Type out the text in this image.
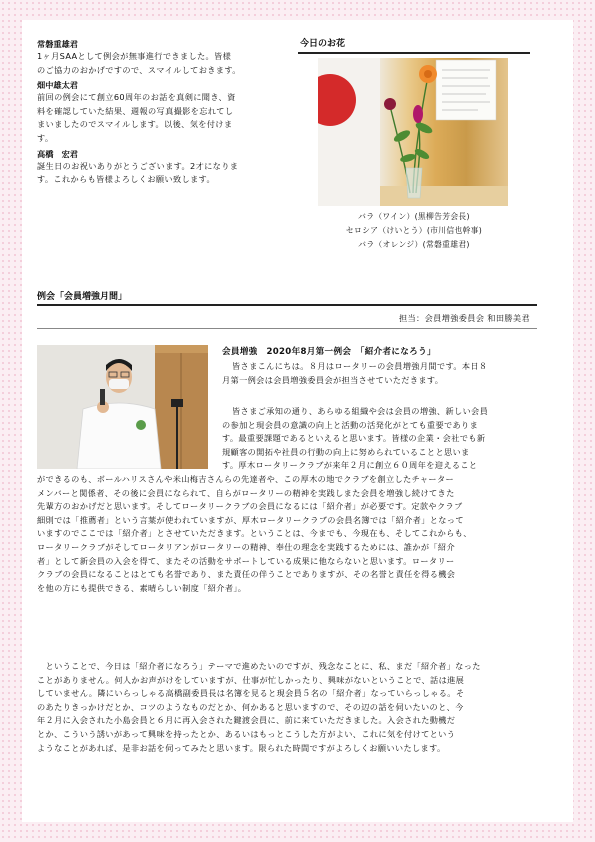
常磐重雄君
1ヶ月SAAとして例会が無事進行できました。皆様
のご協力のおかげですので、スマイルしておきます。
畑中雄太君
前回の例会にて創立60周年のお話を真剣に聞き、資
料を確認していた結果、週報の写真撮影を忘れてし
まいましたのでスマイルします。以後、気を付けま
す。
高橋　宏君
誕生日のお祝いありがとうございます。2才になりま
す。これからも皆様よろしくお願い致します。
今日のお花
バラ（ワイン）(黒柳告芳会長)
セロシア（けいとう）(市川信也幹事)
バラ（オレンジ）(常磐重雄君)
例会「会員増強月間」
担当：会員増強委員会 和田勝美君
会員増強　2020年8月第一例会　「紹介者になろう」
皆さまこんにちは。８月はロータリーの会員増強月間です。本日８
月第一例会は会員増強委員会が担当させていただきます。
皆さまご承知の通り、あらゆる組織や会は会員の増強、新しい会員
の参加と現会員の意識の向上と活動の活発化がとても重要でありま
す。最重要課題であるといえると思います。皆様の企業・会社でも新
規顧客の開拓や社員の行動の向上に努められていることと思いま
す。厚木ロータリークラブが来年２月に創立６０周年を迎えること
ができるのも、ボールハリスさんや米山梅吉さんらの先達者や、この厚木の地でクラブを創立したチャーター
メンバーと関係者、その後に会員になられて、自らがロータリーの精神を実践しまた会員を増強し続けてきた
先輩方のおかげだと思います。そしてロータリークラブの会員になるには「紹介者」が必要です。定款やクラブ
細則では「推薦者」という言葉が使われていますが、厚木ロータリークラブの会員名簿では「紹介者」となって
いますのでここでは「紹介者」とさせていただきます。ということは、今までも、今現在も、そしてこれからも、
ロータリークラブがそしてロータリアンがロータリーの精神、奉仕の理念を実践するためには、誰かが「紹介
者」として新会員の入会を得て、またその活動をサポートしている成果に他ならないと思います。ロータリー
クラブの会員になることはとても名誉であり、また責任の伴うことでありますが、その名誉と責任を得る機会
を他の方にも提供できる、素晴らしい制度「紹介者」。
　ということで、今日は「紹介者になろう」テーマで進めたいのですが、残念なことに、私、まだ「紹介者」なった
ことがありません。何人かお声がけをしていますが、仕事が忙しかったり、興味がないということで、話は進展
していません。隣にいらっしゃる高橋副委員長は名簿を見ると現会員５名の「紹介者」なっていらっしゃる。そ
のあたりきっかけだとか、コツのようなものだとか、何かあると思いますので、その辺の話を伺いたいのと、今
年２月に入会された小島会員と６月に再入会された鍵渡会員に、前に来ていただきました。入会された動機だ
とか、こういう誘いがあって興味を持ったとか、あるいはもっとこうした方がよい、これに気を付けてという
ようなことがあれば、是非お話を伺ってみたと思います。限られた時間ですがよろしくお願いいたします。
